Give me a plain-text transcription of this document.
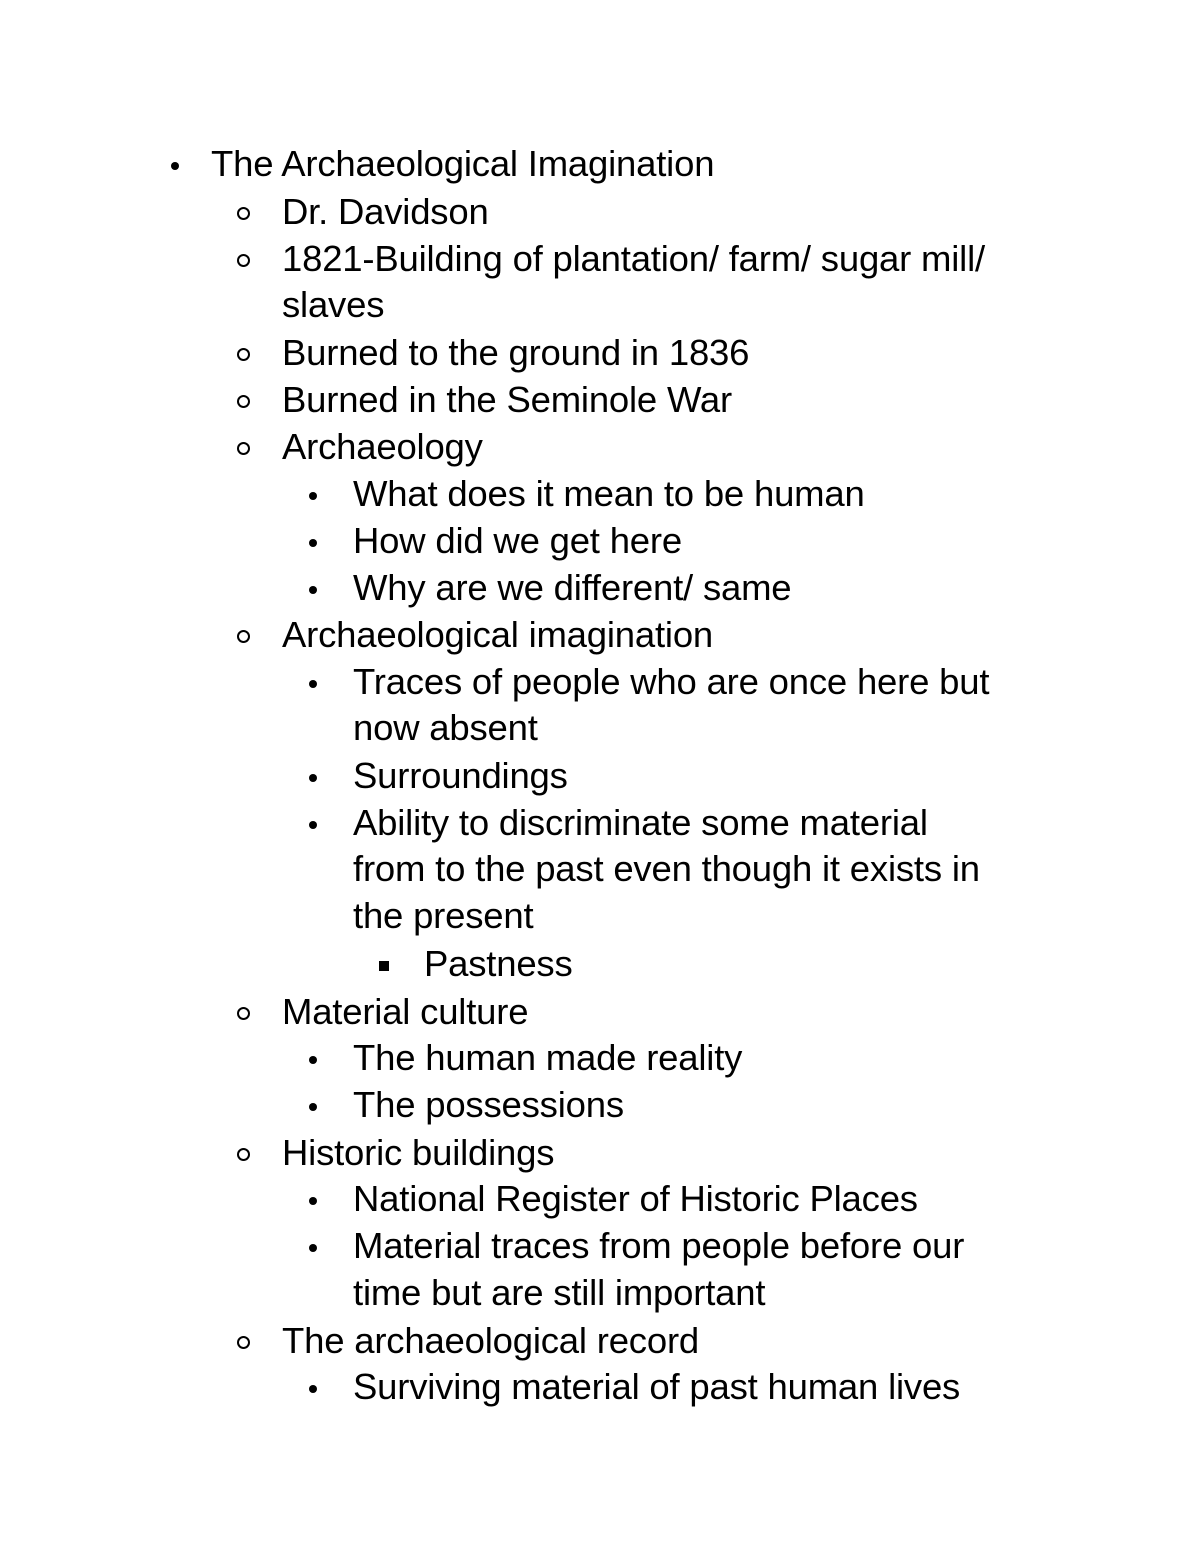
The Archaeological Imagination
Dr. Davidson
1821-Building of plantation/ farm/ sugar mill/
slaves
Burned to the ground in 1836
Burned in the Seminole War
Archaeology
What does it mean to be human
How did we get here
Why are we different/ same
Archaeological imagination
Traces of people who are once here but
now absent
Surroundings
Ability to discriminate some material
from to the past even though it exists in
the present
Pastness
Material culture
The human made reality
The possessions
Historic buildings
National Register of Historic Places
Material traces from people before our
time but are still important
The archaeological record
Surviving material of past human lives
